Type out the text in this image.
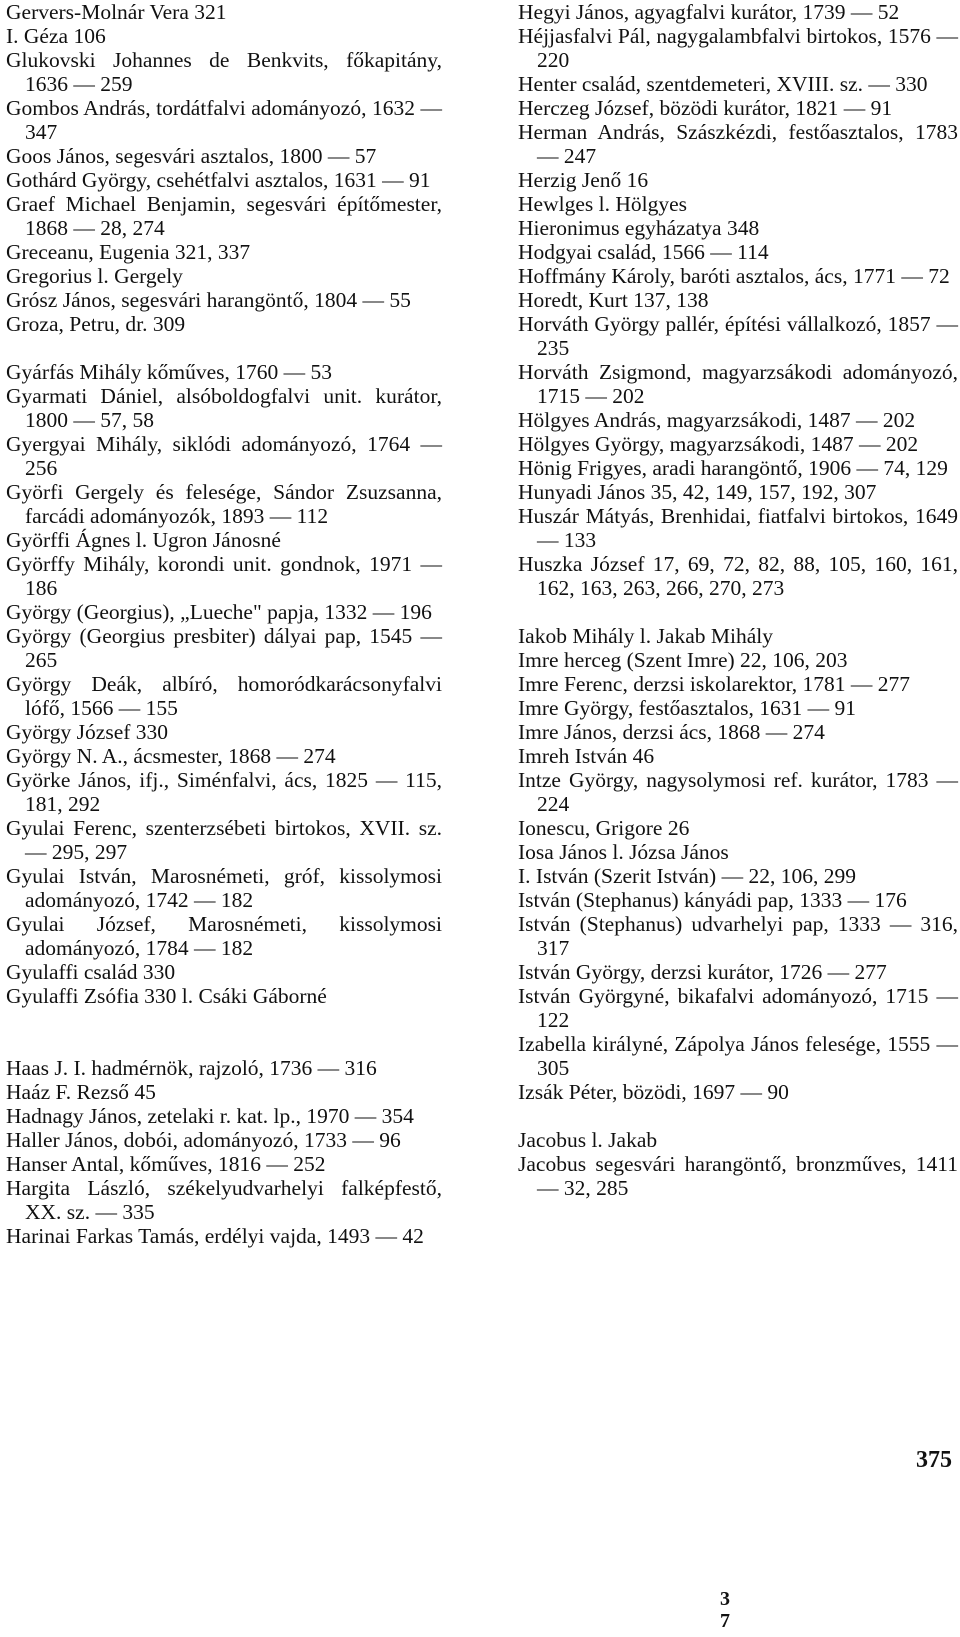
Gervers-Molnár Vera 321
I. Géza 106
Glukovski Johannes de Benkvits, főkapitány, 1636 — 259
Gombos András, tordátfalvi adományozó, 1632 — 347
Goos János, segesvári asztalos, 1800 — 57
Gothárd György, csehétfalvi asztalos, 1631 — 91
Graef Michael Benjamin, segesvári építőmester, 1868 — 28, 274
Greceanu, Eugenia 321, 337
Gregorius l. Gergely
Grósz János, segesvári harangöntő, 1804 — 55
Groza, Petru, dr. 309
Gyárfás Mihály kőműves, 1760 — 53
Gyarmati Dániel, alsóboldogfalvi unit. kurátor, 1800 — 57, 58
Gyergyai Mihály, siklódi adományozó, 1764 — 256
Györfi Gergely és felesége, Sándor Zsuzsanna, farcádi adományozók, 1893 — 112
Györffi Ágnes l. Ugron Jánosné
Györffy Mihály, korondi unit. gondnok, 1971 — 186
György (Georgius), „Lueche" papja, 1332 — 196
György (Georgius presbiter) dályai pap, 1545 — 265
György Deák, albíró, homoródkarácsonyfalvi lófő, 1566 — 155
György József 330
György N. A., ácsmester, 1868 — 274
Györke János, ifj., Siménfalvi, ács, 1825 — 115, 181, 292
Gyulai Ferenc, szenterzsébeti birtokos, XVII. sz. — 295, 297
Gyulai István, Marosnémeti, gróf, kissolymosi adományozó, 1742 — 182
Gyulai József, Marosnémeti, kissolymosi adományozó, 1784 — 182
Gyulaffi család 330
Gyulaffi Zsófia 330 l. Csáki Gáborné
Haas J. I. hadmérnök, rajzoló, 1736 — 316
Haáz F. Rezső 45
Hadnagy János, zetelaki r. kat. lp., 1970 — 354
Haller János, dobói, adományozó, 1733 — 96
Hanser Antal, kőműves, 1816 — 252
Hargita László, székelyudvarhelyi falképfestő, XX. sz. — 335
Harinai Farkas Tamás, erdélyi vajda, 1493 — 42
Hegyi János, agyagfalvi kurátor, 1739 — 52
Héjjasfalvi Pál, nagygalambfalvi birtokos, 1576 — 220
Henter család, szentdemeteri, XVIII. sz. — 330
Herczeg József, bözödi kurátor, 1821 — 91
Herman András, Szászkézdi, festőasztalos, 1783 — 247
Herzig Jenő 16
Hewlges l. Hölgyes
Hieronimus egyházatya 348
Hodgyai család, 1566 — 114
Hoffmány Károly, baróti asztalos, ács, 1771 — 72
Horedt, Kurt 137, 138
Horváth György pallér, építési vállalkozó, 1857 — 235
Horváth Zsigmond, magyarzsákodi adományozó, 1715 — 202
Hölgyes András, magyarzsákodi, 1487 — 202
Hölgyes György, magyarzsákodi, 1487 — 202
Hönig Frigyes, aradi harangöntő, 1906 — 74, 129
Hunyadi János 35, 42, 149, 157, 192, 307
Huszár Mátyás, Brenhidai, fiatfalvi birtokos, 1649 — 133
Huszka József 17, 69, 72, 82, 88, 105, 160, 161, 162, 163, 263, 266, 270, 273
Iakob Mihály l. Jakab Mihály
Imre herceg (Szent Imre) 22, 106, 203
Imre Ferenc, derzsi iskolarektor, 1781 — 277
Imre György, festőasztalos, 1631 — 91
Imre János, derzsi ács, 1868 — 274
Imreh István 46
Intze György, nagysolymosi ref. kurátor, 1783 — 224
Ionescu, Grigore 26
Iosa János l. Józsa János
I. István (Szerit István) — 22, 106, 299
István (Stephanus) kányádi pap, 1333 — 176
István (Stephanus) udvarhelyi pap, 1333 — 316, 317
István György, derzsi kurátor, 1726 — 277
István Györgyné, bikafalvi adományozó, 1715 — 122
Izabella királyné, Zápolya János felesége, 1555 — 305
Izsák Péter, bözödi, 1697 — 90
Jacobus l. Jakab
Jacobus segesvári harangöntő, bronzműves, 1411 — 32, 285
375
3
7
